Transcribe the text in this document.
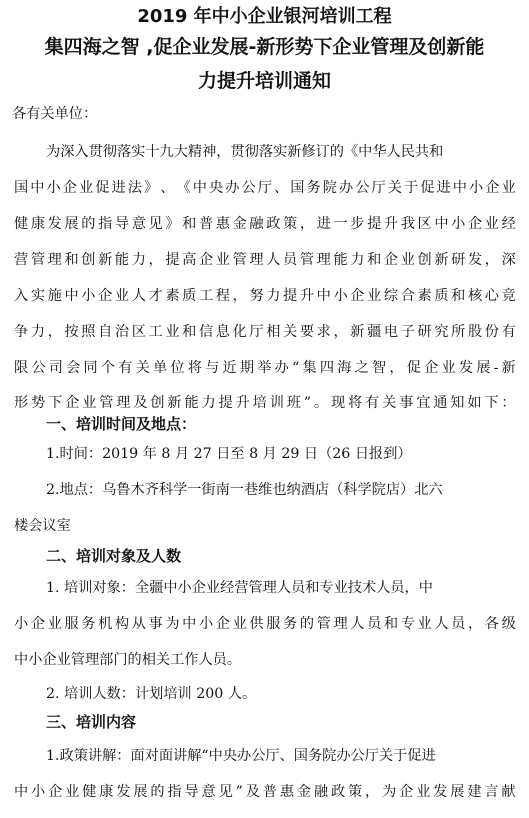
2019 年中小企业银河培训工程
集四海之智 ,促企业发展-新形势下企业管理及创新能
力提升培训通知
各有关单位：
为深入贯彻落实十九大精神，贯彻落实新修订的《中华人民共和
国 中 小 企 业 促 进 法 》 、 《 中 央 办 公 厅 、 国 务 院 办 公 厅 关 于 促 进 中 小 企 业
健 康 发 展 的 指 导 意 见 》 和 普 惠 金 融 政 策 ， 进 一 步 提 升 我 区 中 小 企 业 经
营 管 理 和 创 新 能 力 ， 提 高 企 业 管 理 人 员 管 理 能 力 和 企 业 创 新 研 发 ， 深
入 实 施 中 小 企 业 人 才 素 质 工 程 ， 努 力 提 升 中 小 企 业 综 合 素 质 和 核 心 竞
争 力 ， 按 照 自 治 区 工 业 和 信 息 化 厅 相 关 要 求 ， 新 疆 电 子 研 究 所 股 份 有
限 公 司 会 同 个 有 关 单 位 将 与 近 期 举 办 “ 集 四 海 之 智 ， 促 企 业 发 展 - 新
形 势 下 企 业 管 理 及 创 新 能 力 提 升 培 训 班 ” 。 现 将 有 关 事 宜 通 知 如 下 ：
一、培训时间及地点：
1.时间：2019 年 8 月 27 日至 8 月 29 日（26 日报到）
2.地点：乌鲁木齐科学一街南一巷维也纳酒店（科学院店）北六
楼会议室
二、培训对象及人数
1. 培训对象：全疆中小企业经营管理人员和专业技术人员，中
小 企 业 服 务 机 构 从 事 为 中 小 企 业 供 服 务 的 管 理 人 员 和 专 业 人 员 ， 各 级
中小企业管理部门的相关工作人员。
2. 培训人数：计划培训 200 人。
三、培训内容
1.政策讲解：面对面讲解“中央办公厅、国务院办公厅关于促进
中 小 企 业 健 康 发 展 的 指 导 意 见 ” 及 普 惠 金 融 政 策 ， 为 企 业 发 展 建 言 献
